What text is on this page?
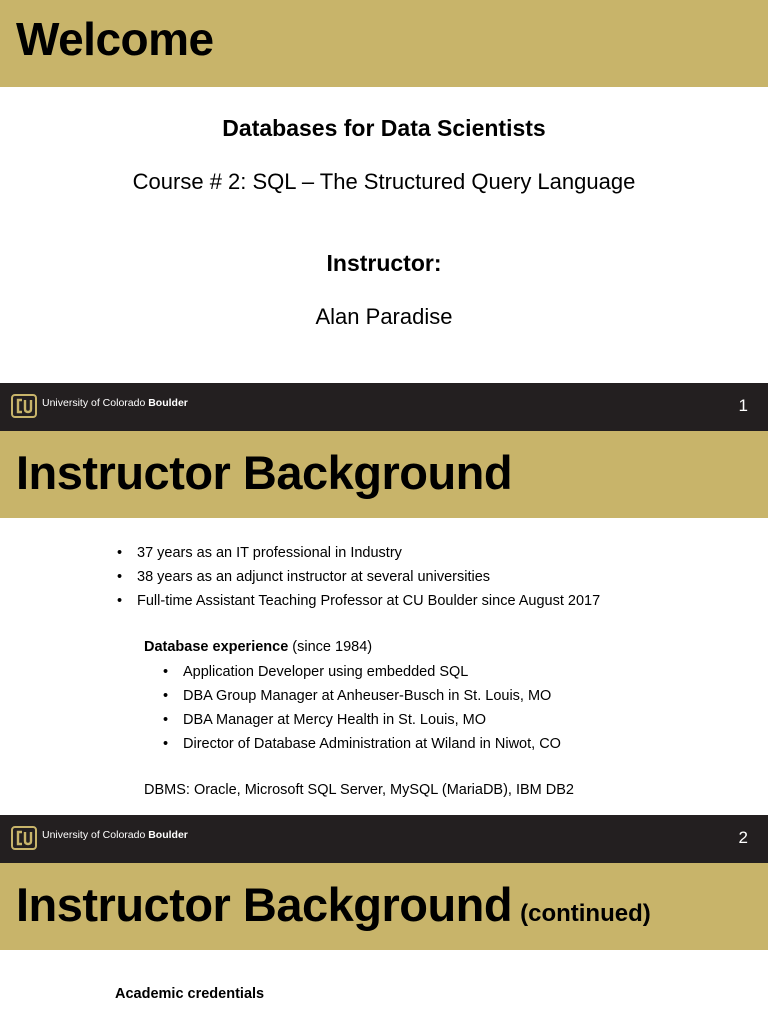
Welcome
Databases for Data Scientists
Course # 2: SQL – The Structured Query Language
Instructor:
Alan Paradise
University of Colorado Boulder	1
Instructor Background
• 37 years as an IT professional in Industry
• 38 years as an adjunct instructor at several universities
• Full-time Assistant Teaching Professor at CU Boulder since August 2017
Database experience (since 1984)
• Application Developer using embedded SQL
• DBA Group Manager at Anheuser-Busch in St. Louis, MO
• DBA Manager at Mercy Health in St. Louis, MO
• Director of Database Administration at Wiland in Niwot, CO
DBMS: Oracle, Microsoft SQL Server, MySQL (MariaDB), IBM DB2
University of Colorado Boulder	2
Instructor Background (continued)
Academic credentials
